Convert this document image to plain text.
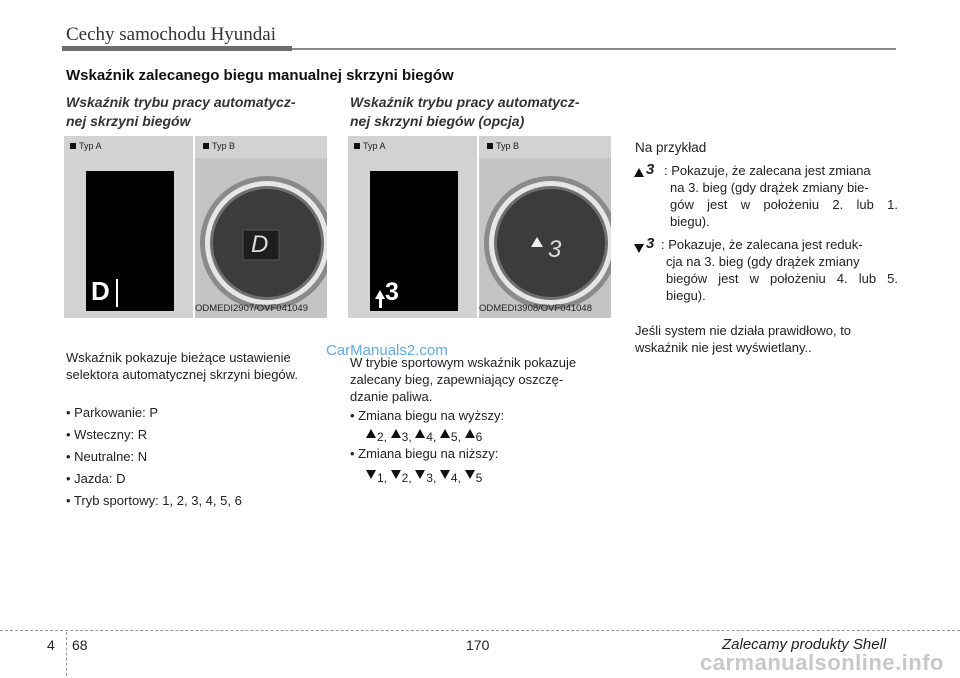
Cechy samochodu Hyundai
Wskaźnik zalecanego biegu manualnej skrzyni biegów
Wskaźnik trybu pracy automatycz-
nej skrzyni biegów
Typ A	Typ B
D
D
ODMEDI2907/OVF041049
Wskaźnik pokazuje bieżące ustawienie
selektora automatycznej skrzyni biegów.
• Parkowanie: P
• Wsteczny: R
• Neutralne: N
• Jazda: D
• Tryb sportowy: 1, 2, 3, 4, 5, 6
Wskaźnik trybu pracy automatycz-
nej skrzyni biegów (opcja)
Typ A	Typ B
3
3
ODMEDI3908/OVF041048
W trybie sportowym wskaźnik pokazuje
zalecany bieg, zapewniający oszczę-
dzanie paliwa.
• Zmiana biegu na wyższy:
2, 3, 4, 5, 6
• Zmiana biegu na niższy:
1, 2, 3, 4, 5
Na przykład
3 : Pokazuje, że zalecana jest zmiana
na 3. bieg (gdy drążek zmiany bie-
gów jest w położeniu 2. lub 1.
biegu).
3 : Pokazuje, że zalecana jest reduk-
cja na 3. bieg (gdy drążek zmiany
biegów jest w położeniu 4. lub 5.
biegu).
Jeśli system nie działa prawidłowo, to
wskaźnik nie jest wyświetlany..
CarManuals2.com
4 68	170	Zalecamy produkty Shell
carmanualsonline.info
